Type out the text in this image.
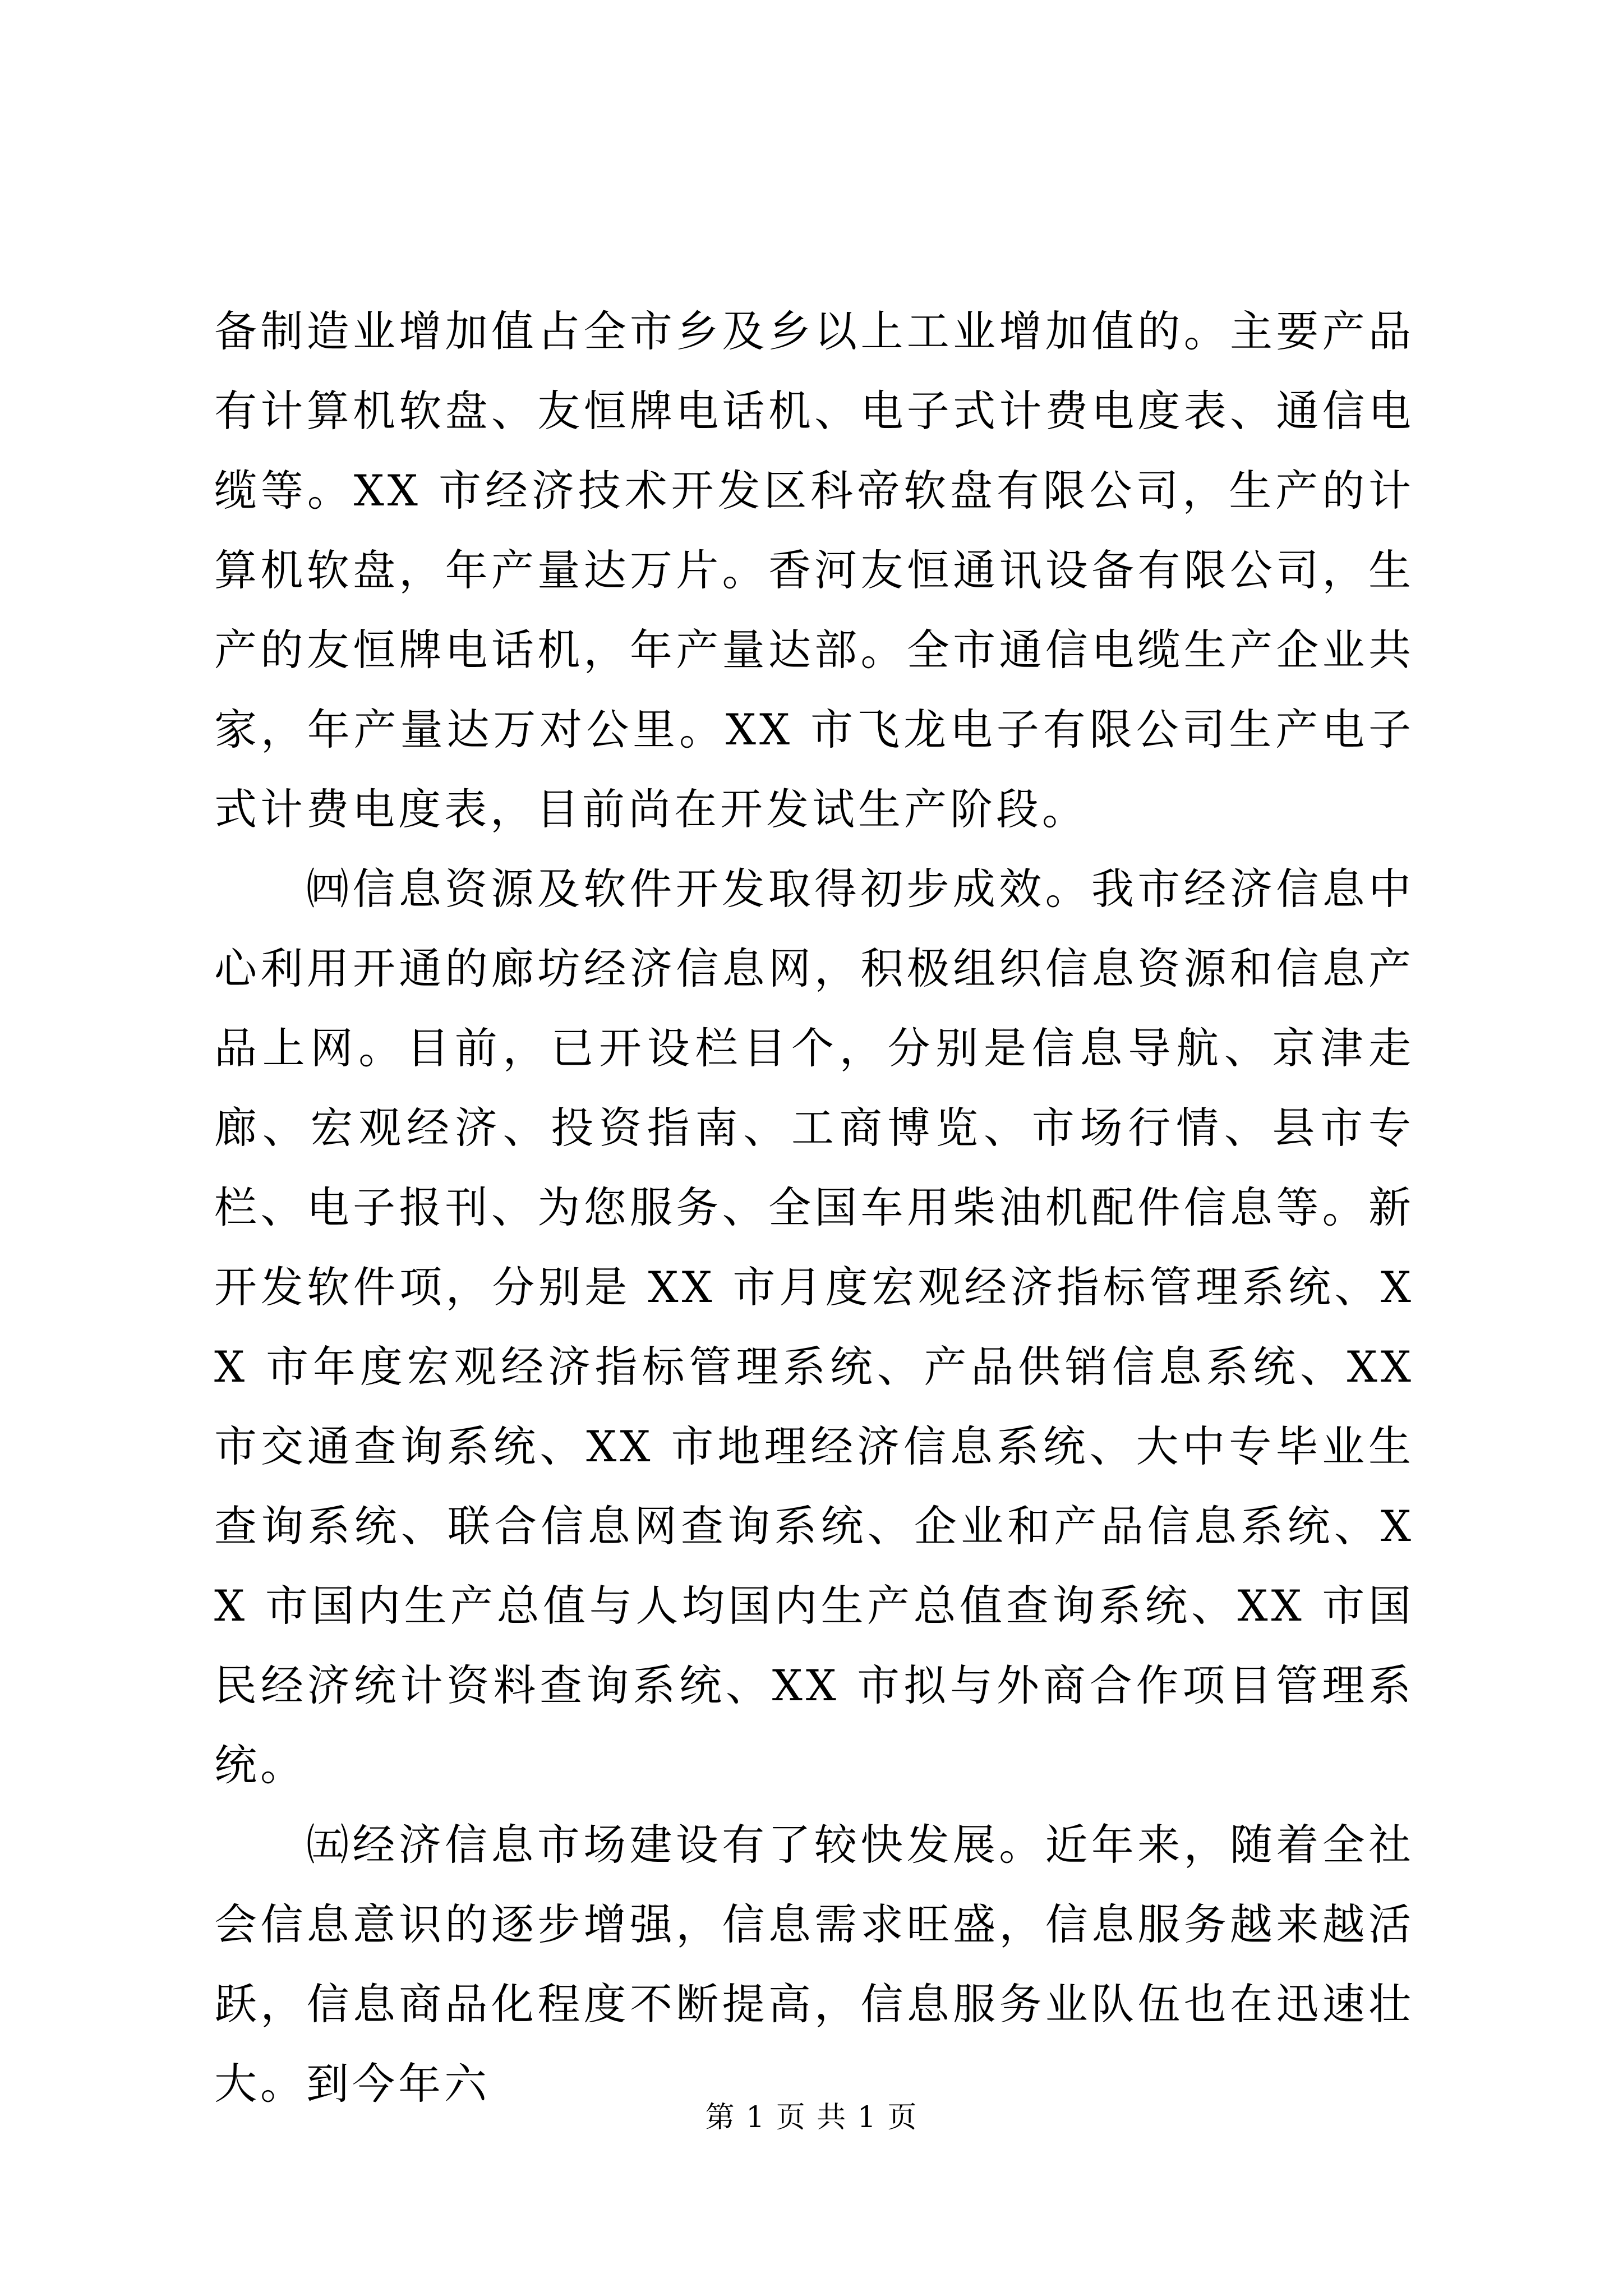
备制造业增加值占全市乡及乡以上工业增加值的。主要产品有计算机软盘、友恒牌电话机、电子式计费电度表、通信电缆等。XX 市经济技术开发区科帝软盘有限公司，生产的计算机软盘，年产量达万片。香河友恒通讯设备有限公司，生产的友恒牌电话机，年产量达部。全市通信电缆生产企业共家，年产量达万对公里。XX 市飞龙电子有限公司生产电子式计费电度表，目前尚在开发试生产阶段。

㈣信息资源及软件开发取得初步成效。我市经济信息中心利用开通的廊坊经济信息网，积极组织信息资源和信息产品上网。目前，已开设栏目个，分别是信息导航、京津走廊、宏观经济、投资指南、工商博览、市场行情、县市专栏、电子报刊、为您服务、全国车用柴油机配件信息等。新开发软件项，分别是 XX 市月度宏观经济指标管理系统、XX 市年度宏观经济指标管理系统、产品供销信息系统、XX 市交通查询系统、XX 市地理经济信息系统、大中专毕业生查询系统、联合信息网查询系统、企业和产品信息系统、XX 市国内生产总值与人均国内生产总值查询系统、XX 市国民经济统计资料查询系统、XX 市拟与外商合作项目管理系统。

㈤经济信息市场建设有了较快发展。近年来，随着全社会信息意识的逐步增强，信息需求旺盛，信息服务越来越活跃，信息商品化程度不断提高，信息服务业队伍也在迅速壮大。到今年六

第 1 页 共 1 页
